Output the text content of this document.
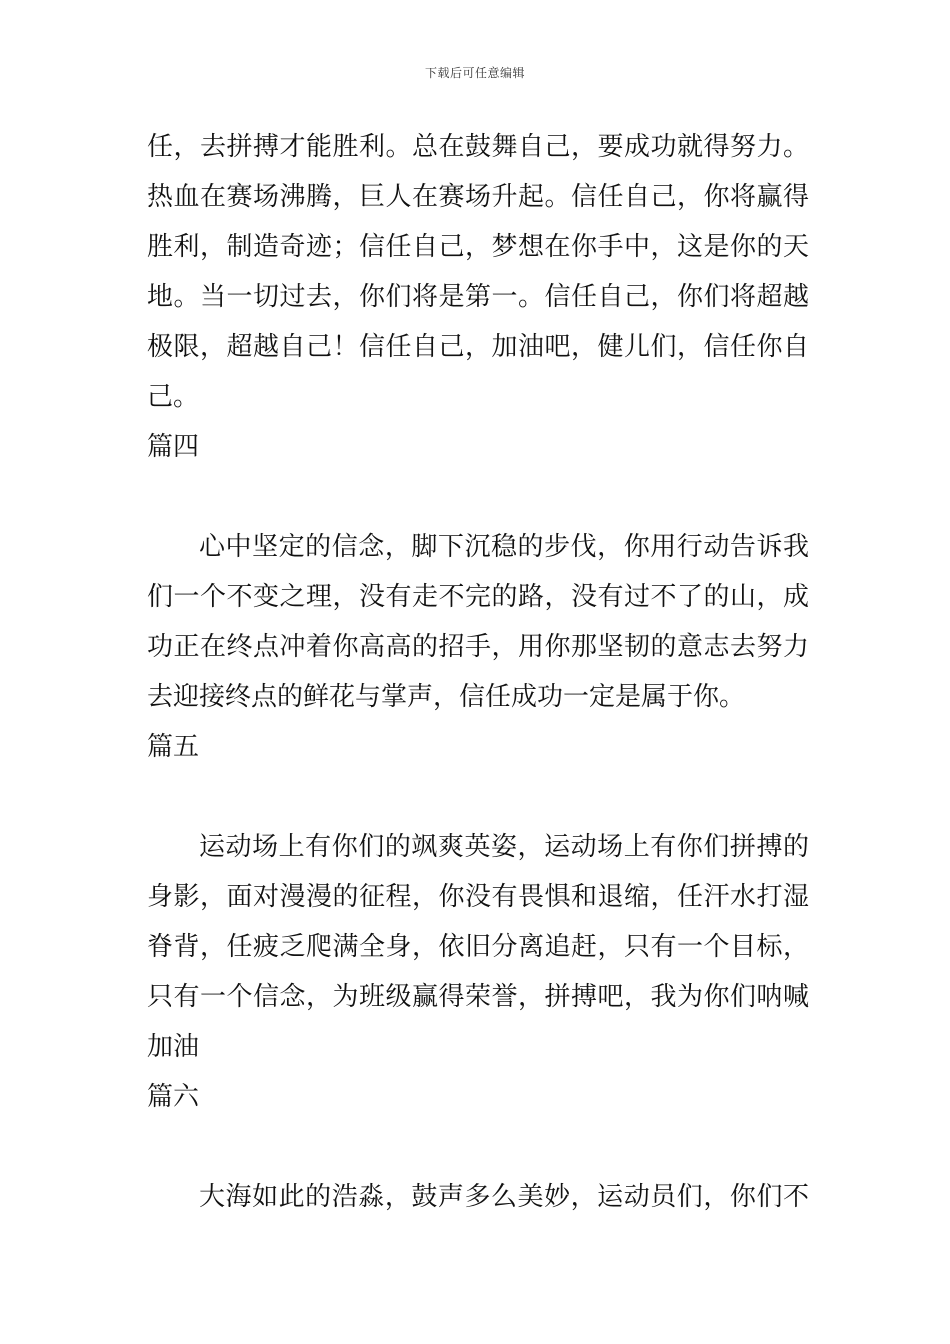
下载后可任意编辑
任，去拼搏才能胜利。总在鼓舞自己，要成功就得努力。
热血在赛场沸腾，巨人在赛场升起。信任自己，你将赢得
胜利，制造奇迹；信任自己，梦想在你手中，这是你的天
地。当一切过去，你们将是第一。信任自己，你们将超越
极限，超越自己！信任自己，加油吧，健儿们，信任你自
己。
篇四
心中坚定的信念，脚下沉稳的步伐，你用行动告诉我
们一个不变之理，没有走不完的路，没有过不了的山，成
功正在终点冲着你高高的招手，用你那坚韧的意志去努力
去迎接终点的鲜花与掌声，信任成功一定是属于你。
篇五
运动场上有你们的飒爽英姿，运动场上有你们拼搏的
身影，面对漫漫的征程，你没有畏惧和退缩，任汗水打湿
脊背，任疲乏爬满全身，依旧分离追赶，只有一个目标，
只有一个信念，为班级赢得荣誉，拼搏吧，我为你们呐喊
加油
篇六
大海如此的浩淼，鼓声多么美妙，运动员们，你们不
